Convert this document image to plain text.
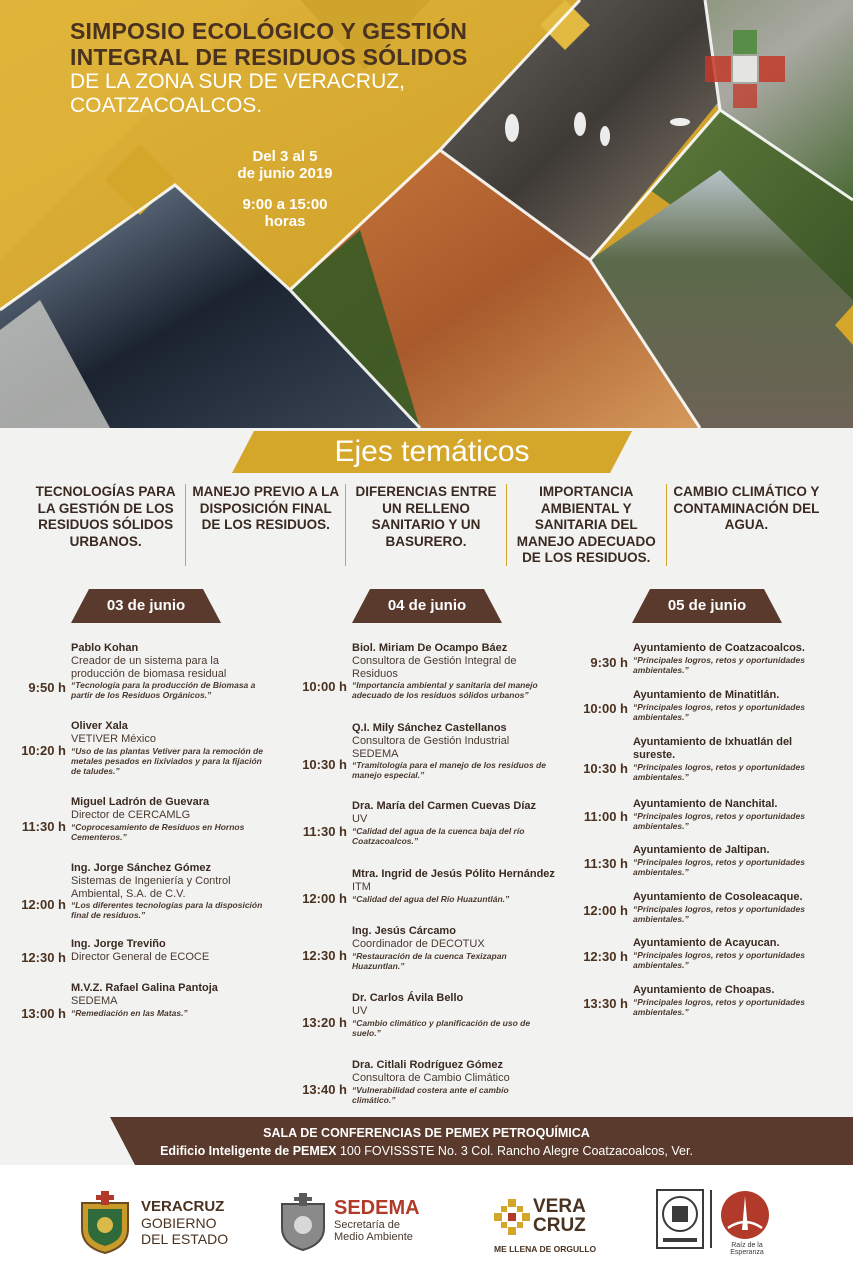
SIMPOSIO ECOLÓGICO Y GESTIÓN
INTEGRAL DE RESIDUOS SÓLIDOS
DE LA ZONA SUR DE VERACRUZ,
COATZACOALCOS.
Del 3 al 5
de junio 2019
9:00 a 15:00
horas
Ejes temáticos
TECNOLOGÍAS PARA LA GESTIÓN DE LOS RESIDUOS SÓLIDOS URBANOS.
MANEJO PREVIO A LA DISPOSICIÓN FINAL DE LOS RESIDUOS.
DIFERENCIAS ENTRE UN RELLENO SANITARIO Y UN BASURERO.
IMPORTANCIA AMBIENTAL Y SANITARIA DEL MANEJO ADECUADO DE LOS RESIDUOS.
CAMBIO CLIMÁTICO Y CONTAMINACIÓN DEL AGUA.
03 de junio	04 de junio	05 de junio
9:50 h
Pablo Kohan
Creador de un sistema para la producción de biomasa residual
“Tecnología para la producción de Biomasa a partir de los Residuos Orgánicos.”
10:20 h
Oliver Xala
VETIVER México
“Uso de las plantas Vetiver para la remoción de metales pesados en lixiviados y para la fijación de taludes.”
11:30 h
Miguel Ladrón de Guevara
Director de CERCAMLG
“Coprocesamiento de Residuos en Hornos Cementeros.”
12:00 h
Ing. Jorge Sánchez Gómez
Sistemas de Ingeniería y Control Ambiental, S.A. de C.V.
“Los diferentes tecnologías para la disposición final de residuos.”
12:30 h
Ing. Jorge Treviño
Director General de ECOCE
13:00 h
M.V.Z. Rafael Galina Pantoja
SEDEMA
“Remediación en las Matas.”
10:00 h
Biol. Miriam De Ocampo Báez
Consultora de Gestión Integral de Residuos
“Importancia ambiental y sanitaria del manejo adecuado de los residuos sólidos urbanos”
10:30 h
Q.I. Mily Sánchez Castellanos
Consultora de Gestión Industrial SEDEMA
“Tramitología para el manejo de los residuos de manejo especial.”
11:30 h
Dra. María del Carmen Cuevas Díaz
UV
“Calidad del agua de la cuenca baja del río Coatzacoalcos.”
12:00 h
Mtra. Ingrid de Jesús Pólito Hernández
ITM
“Calidad del agua del Río Huazuntlán.”
12:30 h
Ing. Jesús Cárcamo
Coordinador de DECOTUX
“Restauración de la cuenca Texizapan Huazuntlan.”
13:20 h
Dr. Carlos Ávila Bello
UV
“Cambio climático y planificación de uso de suelo.”
13:40 h
Dra. Citlali Rodríguez Gómez
Consultora de Cambio Climático
“Vulnerabilidad costera ante el cambio climático.”
9:30 h
Ayuntamiento de Coatzacoalcos.
“Principales logros, retos y oportunidades ambientales.”
10:00 h
Ayuntamiento de Minatitlán.
“Principales logros, retos y oportunidades ambientales.”
10:30 h
Ayuntamiento de Ixhuatlán del sureste.
“Principales logros, retos y oportunidades ambientales.”
11:00 h
Ayuntamiento de Nanchital.
“Principales logros, retos y oportunidades ambientales.”
11:30 h
Ayuntamiento de Jaltipan.
“Principales logros, retos y oportunidades ambientales.”
12:00 h
Ayuntamiento de Cosoleacaque.
“Principales logros, retos y oportunidades ambientales.”
12:30 h
Ayuntamiento de Acayucan.
“Principales logros, retos y oportunidades ambientales.”
13:30 h
Ayuntamiento de Choapas.
“Principales logros, retos y oportunidades ambientales.”
SALA DE CONFERENCIAS DE PEMEX PETROQUÍMICA
Edificio Inteligente de PEMEX 100 FOVISSSTE No. 3 Col. Rancho Alegre Coatzacoalcos, Ver.
VERACRUZ
GOBIERNO
DEL ESTADO
SEDEMA
Secretaría de
Medio Ambiente
VERA
CRUZ
ME LLENA DE ORGULLO	Raíz de la Esperanza
